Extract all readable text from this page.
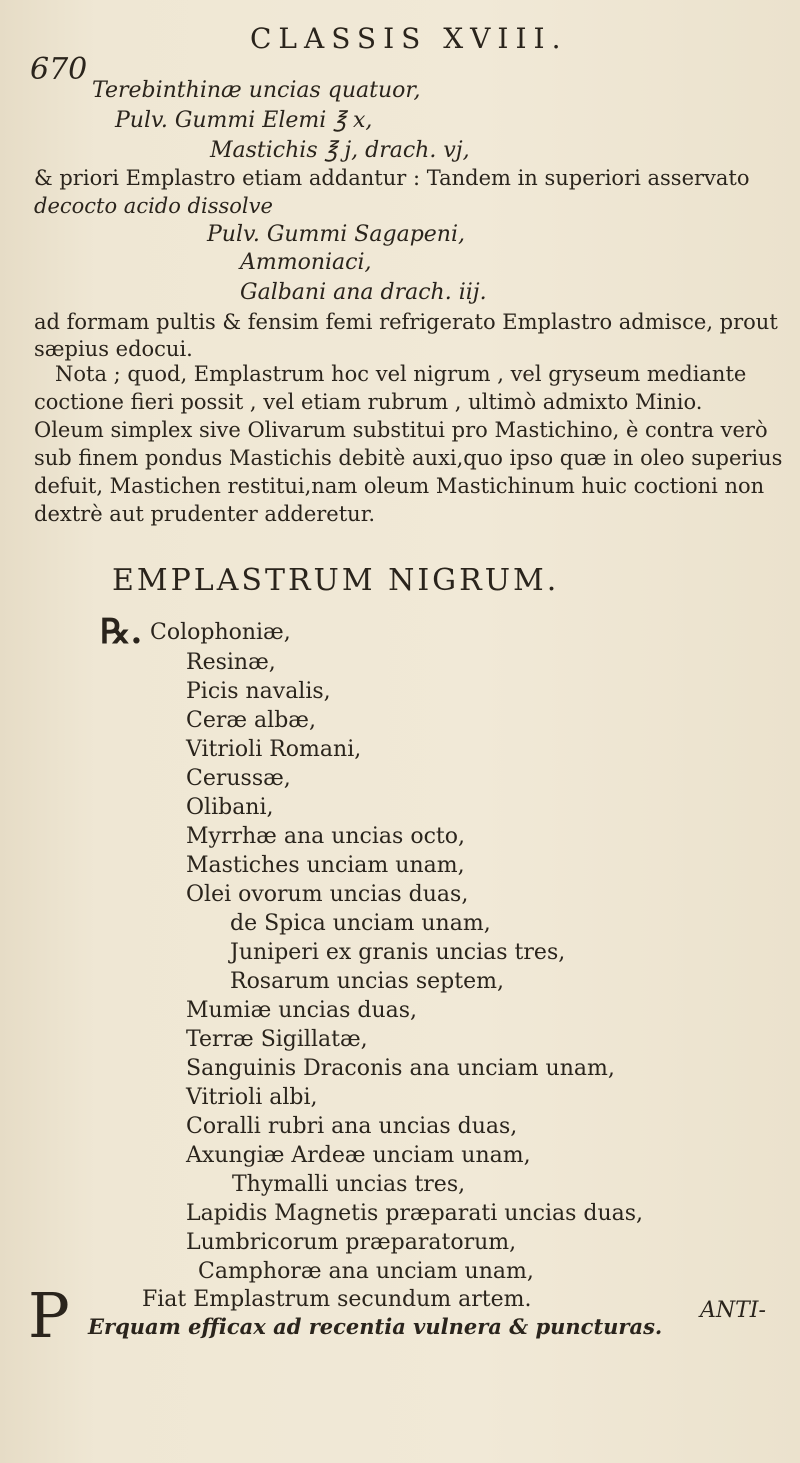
670
CLASSIS XVIII.
Terebinthinæ uncias quatuor,
Pulv. Gummi Elemi ℥ x,
Mastichis ℥ j, drach. vj,
& priori Emplastro etiam addantur : Tandem in superiori asservato
decocto acido dissolve
Pulv. Gummi Sagapeni,
Ammoniaci,
Galbani ana drach. iij.
ad formam pultis & fensim femi refrigerato Emplastro admisce, prout
sæpius edocui.
Nota ; quod, Emplastrum hoc vel nigrum , vel gryseum mediante
coctione fieri possit , vel etiam rubrum , ultimò admixto Minio.
Oleum simplex sive Olivarum substitui pro Mastichino, è contra verò
sub finem pondus Mastichis debitè auxi,quo ipso quæ in oleo superius
defuit, Mastichen restitui,nam oleum Mastichinum huic coctioni non
dextrè aut prudenter adderetur.
EMPLASTRUM NIGRUM.
℞. Colophoniæ,
Resinæ,
Picis navalis,
Ceræ albæ,
Vitrioli Romani,
Cerussæ,
Olibani,
Myrrhæ ana uncias octo,
Mastiches unciam unam,
Olei ovorum uncias duas,
de Spica unciam unam,
Juniperi ex granis uncias tres,
Rosarum uncias septem,
Mumiæ uncias duas,
Terræ Sigillatæ,
Sanguinis Draconis ana unciam unam,
Vitrioli albi,
Coralli rubri ana uncias duas,
Axungiæ Ardeæ unciam unam,
Thymalli uncias tres,
Lapidis Magnetis præparati uncias duas,
Lumbricorum præparatorum,
Camphoræ ana unciam unam,
Fiat Emplastrum secundum artem.
P Erquam efficax ad recentia vulnera & puncturas.
ANTI-
